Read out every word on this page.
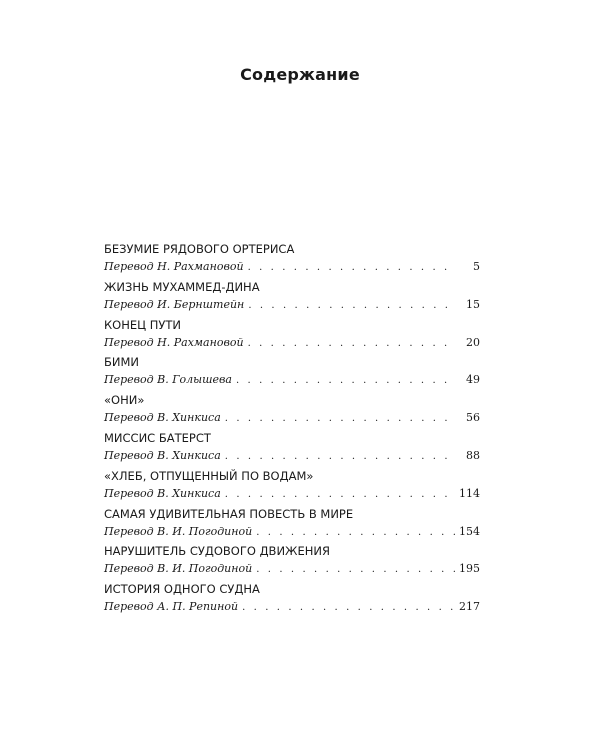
Содержание
БЕЗУМИЕ РЯДОВОГО ОРТЕРИСА
Перевод Н. Рахмановой . . .	5
ЖИЗНЬ МУХАММЕД-ДИНА
Перевод И. Бернштейн . . .	15
КОНЕЦ ПУТИ
Перевод Н. Рахмановой . . .	20
БИМИ
Перевод В. Голышева . . .	49
«ОНИ»
Перевод В. Хинкиса . . .	56
МИССИС БАТЕРСТ
Перевод В. Хинкиса . . .	88
«ХЛЕБ, ОТПУЩЕННЫЙ ПО ВОДАМ»
Перевод В. Хинкиса . . .	114
САМАЯ УДИВИТЕЛЬНАЯ ПОВЕСТЬ В МИРЕ
Перевод В. И. Погодиной . . .	154
НАРУШИТЕЛЬ СУДОВОГО ДВИЖЕНИЯ
Перевод В. И. Погодиной . . .	195
ИСТОРИЯ ОДНОГО СУДНА
Перевод А. П. Репиной . . .	217
